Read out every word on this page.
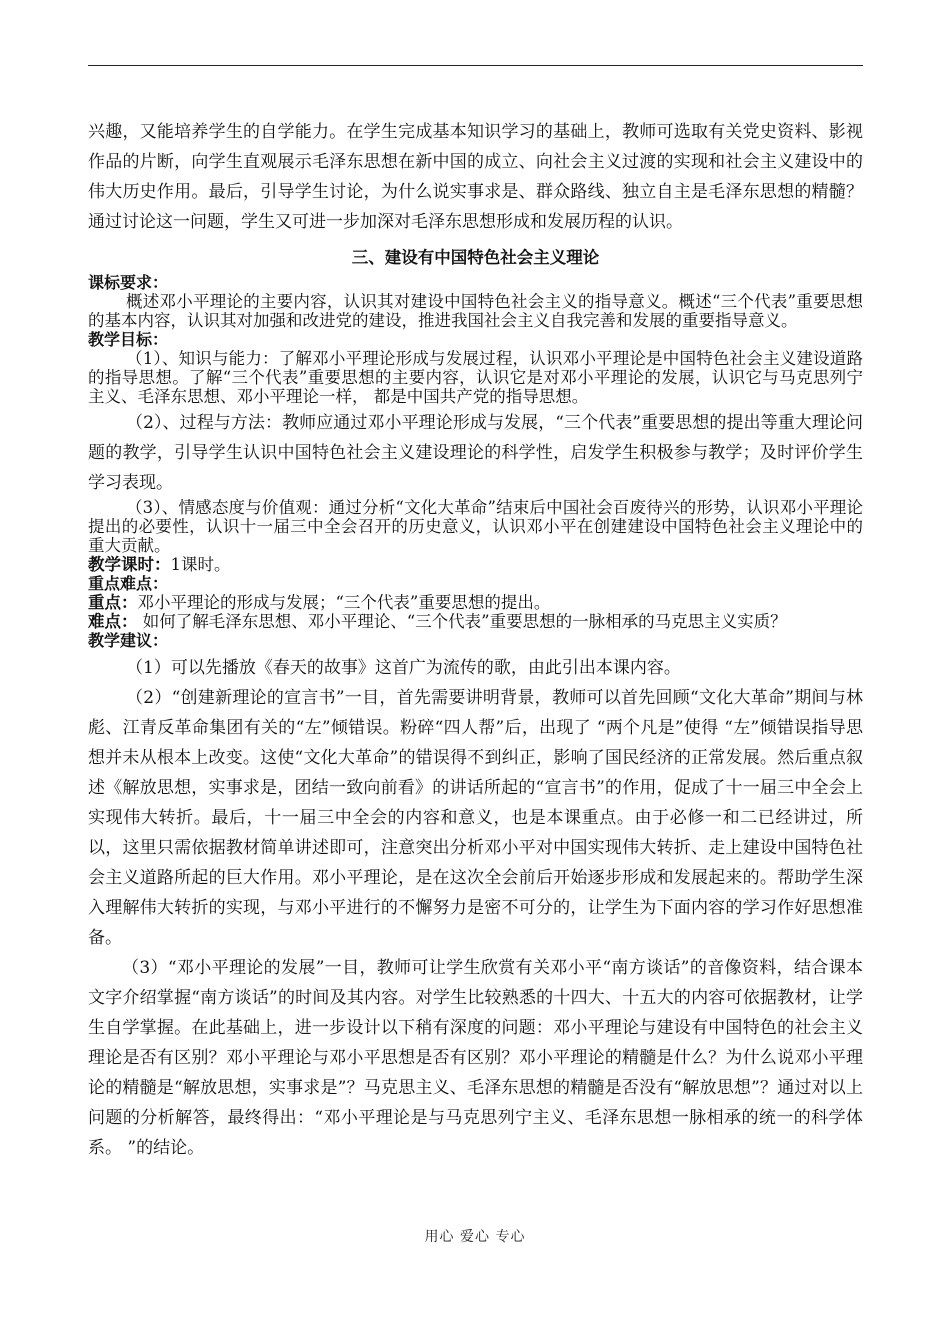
兴趣，又能培养学生的自学能力。在学生完成基本知识学习的基础上，教师可选取有关党史资料、影视作品的片断，向学生直观展示毛泽东思想在新中国的成立、向社会主义过渡的实现和社会主义建设中的伟大历史作用。最后，引导学生讨论，为什么说实事求是、群众路线、独立自主是毛泽东思想的精髓？通过讨论这一问题，学生又可进一步加深对毛泽东思想形成和发展历程的认识。

三、建设有中国特色社会主义理论
课标要求：

概述邓小平理论的主要内容，认识其对建设中国特色社会主义的指导意义。概述“三个代表”重要思想的基本内容，认识其对加强和改进党的建设，推进我国社会主义自我完善和发展的重要指导意义。

教学目标：

（1）、知识与能力：了解邓小平理论形成与发展过程，认识邓小平理论是中国特色社会主义建设道路的指导思想。了解“三个代表”重要思想的主要内容，认识它是对邓小平理论的发展，认识它与马克思列宁主义、毛泽东思想、邓小平理论一样， 都是中国共产党的指导思想。

（2）、过程与方法：教师应通过邓小平理论形成与发展，“三个代表”重要思想的提出等重大理论问题的教学，引导学生认识中国特色社会主义建设理论的科学性，启发学生积极参与教学；及时评价学生学习表现。

（3）、情感态度与价值观：通过分析“文化大革命”结束后中国社会百废待兴的形势，认识邓小平理论提出的必要性，认识十一届三中全会召开的历史意义，认识邓小平在创建建设中国特色社会主义理论中的重大贡献。

教学课时：1课时。

重点难点：

重点：邓小平理论的形成与发展；“三个代表”重要思想的提出。

难点： 如何了解毛泽东思想、邓小平理论、“三个代表”重要思想的一脉相承的马克思主义实质？

教学建议：

（1）可以先播放《春天的故事》这首广为流传的歌，由此引出本课内容。

（2）“创建新理论的宣言书”一目，首先需要讲明背景，教师可以首先回顾“文化大革命”期间与林彪、江青反革命集团有关的“左”倾错误。粉碎“四人帮”后，出现了 “两个凡是”使得 “左”倾错误指导思想并未从根本上改变。这使“文化大革命”的错误得不到纠正，影响了国民经济的正常发展。然后重点叙述《解放思想，实事求是，团结一致向前看》的讲话所起的“宣言书”的作用，促成了十一届三中全会上实现伟大转折。最后，十一届三中全会的内容和意义，也是本课重点。由于必修一和二已经讲过，所以，这里只需依据教材简单讲述即可，注意突出分析邓小平对中国实现伟大转折、走上建设中国特色社会主义道路所起的巨大作用。邓小平理论，是在这次全会前后开始逐步形成和发展起来的。帮助学生深入理解伟大转折的实现，与邓小平进行的不懈努力是密不可分的，让学生为下面内容的学习作好思想准备。

（3）“邓小平理论的发展”一目，教师可让学生欣赏有关邓小平“南方谈话”的音像资料，结合课本文字介绍掌握“南方谈话”的时间及其内容。对学生比较熟悉的十四大、十五大的内容可依据教材，让学生自学掌握。在此基础上，进一步设计以下稍有深度的问题：邓小平理论与建设有中国特色的社会主义理论是否有区别？邓小平理论与邓小平思想是否有区别？邓小平理论的精髓是什么？为什么说邓小平理论的精髓是“解放思想，实事求是”？马克思主义、毛泽东思想的精髓是否没有“解放思想”？通过对以上问题的分析解答，最终得出：“邓小平理论是与马克思列宁主义、毛泽东思想一脉相承的统一的科学体系。 ”的结论。

用心 爱心 专心
